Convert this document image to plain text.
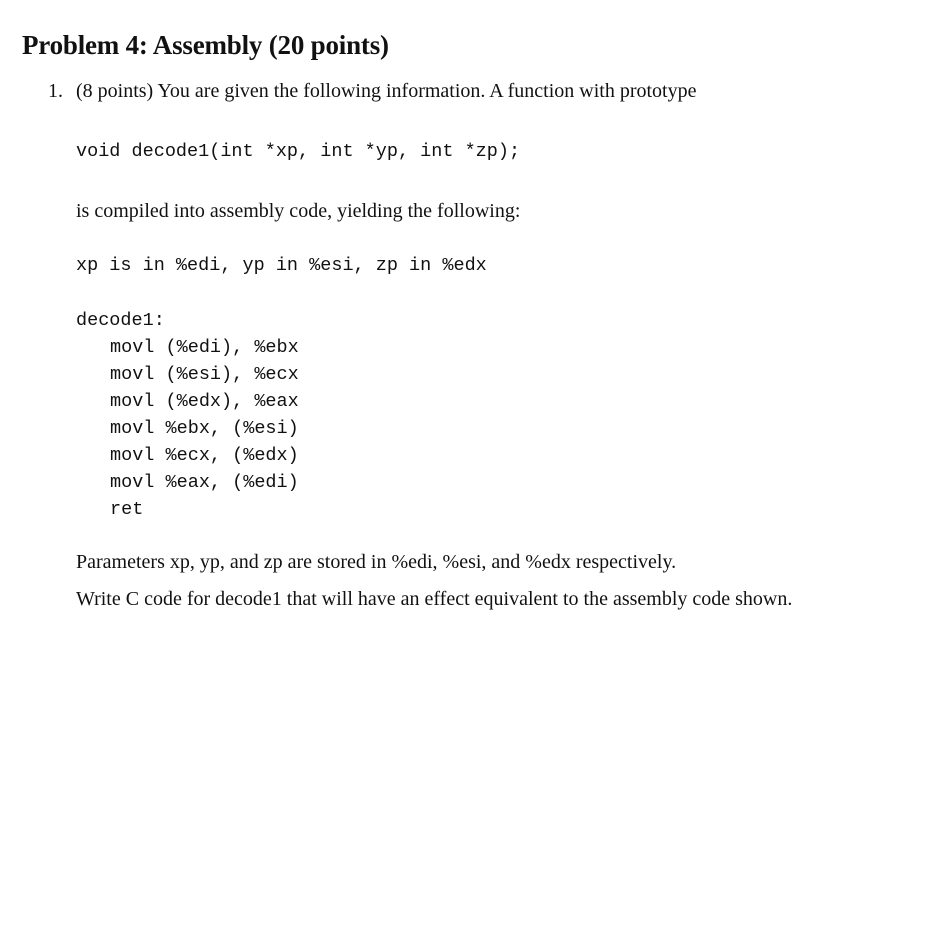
Problem 4: Assembly (20 points)
1. (8 points) You are given the following information. A function with prototype
void decode1(int *xp, int *yp, int *zp);
is compiled into assembly code, yielding the following:
xp is in %edi, yp in %esi, zp in %edx
decode1:
movl (%edi), %ebx
movl (%esi), %ecx
movl (%edx), %eax
movl %ebx, (%esi)
movl %ecx, (%edx)
movl %eax, (%edi)
ret
Parameters xp, yp, and zp are stored in %edi, %esi, and %edx respectively.
Write C code for decode1 that will have an effect equivalent to the assembly code shown.
